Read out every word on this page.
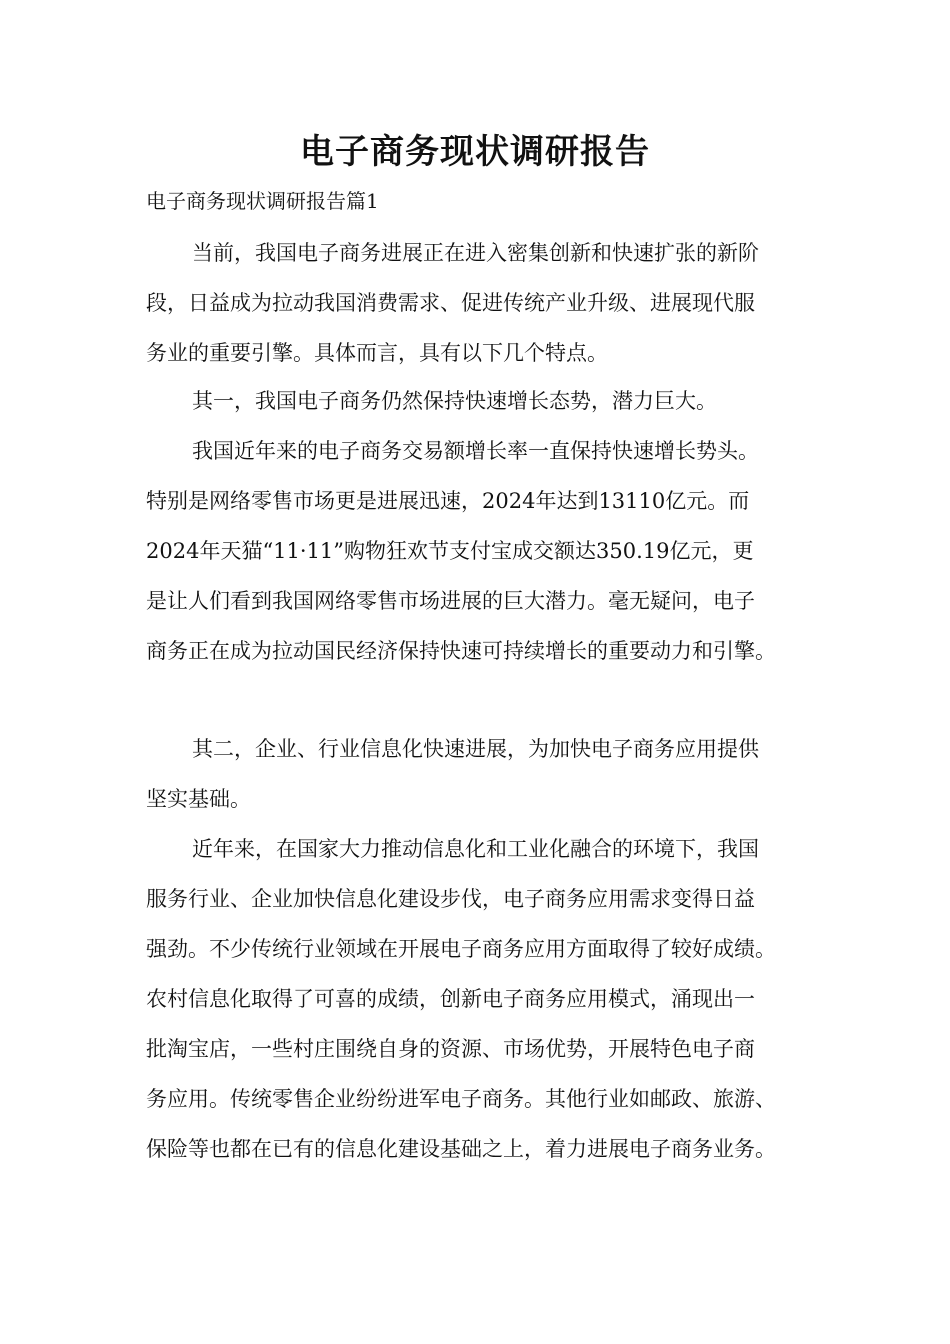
电子商务现状调研报告

电子商务现状调研报告篇1

当前，我国电子商务进展正在进入密集创新和快速扩张的新阶
段，日益成为拉动我国消费需求、促进传统产业升级、进展现代服
务业的重要引擎。具体而言，具有以下几个特点。

其一，我国电子商务仍然保持快速增长态势，潜力巨大。

我国近年来的电子商务交易额增长率一直保持快速增长势头。
特别是网络零售市场更是进展迅速，2024年达到13110亿元。而
2024年天猫“11·11”购物狂欢节支付宝成交额达350.19亿元，更
是让人们看到我国网络零售市场进展的巨大潜力。毫无疑问，电子
商务正在成为拉动国民经济保持快速可持续增长的重要动力和引擎。

其二，企业、行业信息化快速进展，为加快电子商务应用提供
坚实基础。

近年来，在国家大力推动信息化和工业化融合的环境下，我国
服务行业、企业加快信息化建设步伐，电子商务应用需求变得日益
强劲。不少传统行业领域在开展电子商务应用方面取得了较好成绩。
农村信息化取得了可喜的成绩，创新电子商务应用模式，涌现出一
批淘宝店，一些村庄围绕自身的资源、市场优势，开展特色电子商
务应用。传统零售企业纷纷进军电子商务。其他行业如邮政、旅游、
保险等也都在已有的信息化建设基础之上，着力进展电子商务业务。
